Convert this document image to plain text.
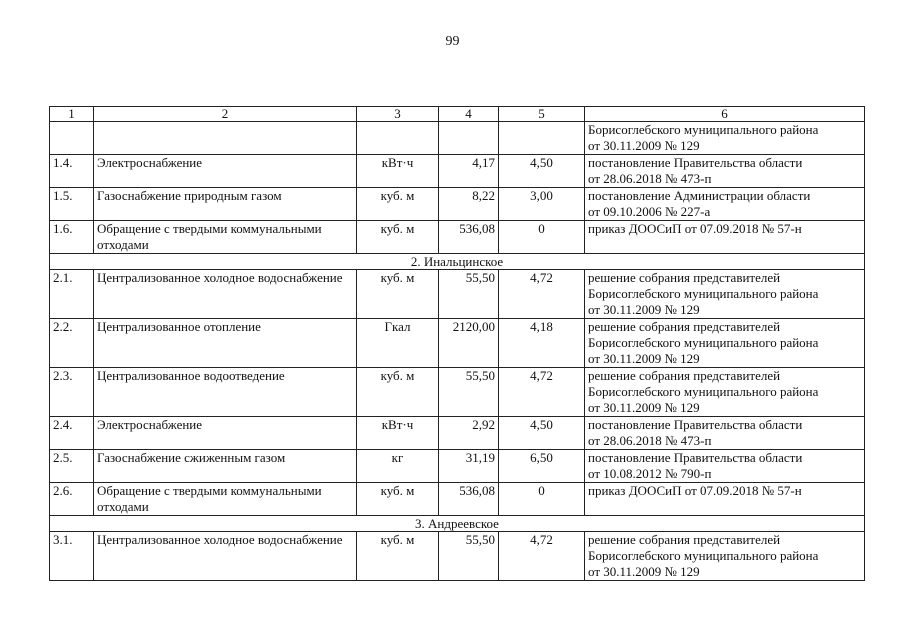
99
1	2	3	4	5	6

					Борисоглебского муниципального района
от 30.11.2009 № 129

1.4.	Электроснабжение	кВт·ч	4,17	4,50	постановление Правительства области
от 28.06.2018 № 473-п

1.5.	Газоснабжение природным газом	куб. м	8,22	3,00	постановление Администрации области
от 09.10.2006 № 227-а

1.6.	Обращение с твердыми коммунальными отходами	куб. м	536,08	0	приказ ДООСиП от 07.09.2018 № 57-н

2. Инальцинское					
2.1.	Централизованное холодное водоснабжение	куб. м	55,50	4,72	решение собрания представителей
Борисоглебского муниципального района
от 30.11.2009 № 129

2.2.	Централизованное отопление	Гкал	2120,00	4,18	решение собрания представителей
Борисоглебского муниципального района
от 30.11.2009 № 129

2.3.	Централизованное водоотведение	куб. м	55,50	4,72	решение собрания представителей
Борисоглебского муниципального района
от 30.11.2009 № 129

2.4.	Электроснабжение	кВт·ч	2,92	4,50	постановление Правительства области
от 28.06.2018 № 473-п

2.5.	Газоснабжение сжиженным газом	кг	31,19	6,50	постановление Правительства области
от 10.08.2012 № 790-п

2.6.	Обращение с твердыми коммунальными отходами	куб. м	536,08	0	приказ ДООСиП от 07.09.2018 № 57-н

3. Андреевское					
3.1.	Централизованное холодное водоснабжение	куб. м	55,50	4,72	решение собрания представителей
Борисоглебского муниципального района
от 30.11.2009 № 129
